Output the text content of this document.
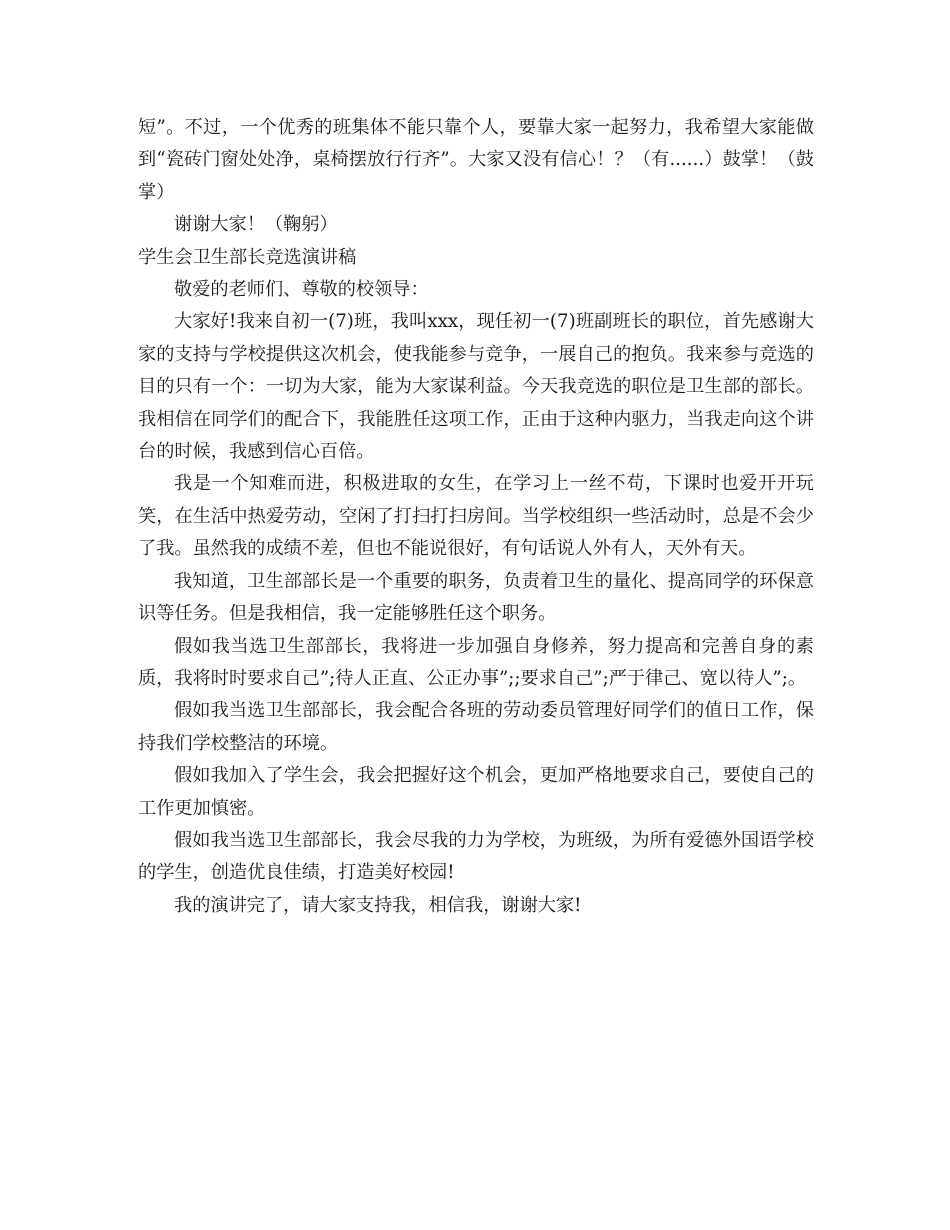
短”。不过，一个优秀的班集体不能只靠个人，要靠大家一起努力，我希望大家能做到“瓷砖门窗处处净，桌椅摆放行行齐”。大家又没有信心！？（有......）鼓掌！（鼓掌）

谢谢大家！（鞠躬）

学生会卫生部长竞选演讲稿

敬爱的老师们、尊敬的校领导：

大家好!我来自初一(7)班，我叫xxx，现任初一(7)班副班长的职位，首先感谢大家的支持与学校提供这次机会，使我能参与竞争，一展自己的抱负。我来参与竞选的目的只有一个：一切为大家，能为大家谋利益。今天我竞选的职位是卫生部的部长。我相信在同学们的配合下，我能胜任这项工作，正由于这种内驱力，当我走向这个讲台的时候，我感到信心百倍。

我是一个知难而进，积极进取的女生，在学习上一丝不苟，下课时也爱开开玩笑，在生活中热爱劳动，空闲了打扫打扫房间。当学校组织一些活动时，总是不会少了我。虽然我的成绩不差，但也不能说很好，有句话说人外有人，天外有天。

我知道，卫生部部长是一个重要的职务，负责着卫生的量化、提高同学的环保意识等任务。但是我相信，我一定能够胜任这个职务。

假如我当选卫生部部长，我将进一步加强自身修养，努力提高和完善自身的素质，我将时时要求自己”;待人正直、公正办事”;;要求自己”;严于律己、宽以待人”;。

假如我当选卫生部部长，我会配合各班的劳动委员管理好同学们的值日工作，保持我们学校整洁的环境。

假如我加入了学生会，我会把握好这个机会，更加严格地要求自己，要使自己的工作更加慎密。

假如我当选卫生部部长，我会尽我的力为学校，为班级，为所有爱德外国语学校的学生，创造优良佳绩，打造美好校园!

我的演讲完了，请大家支持我，相信我，谢谢大家!
